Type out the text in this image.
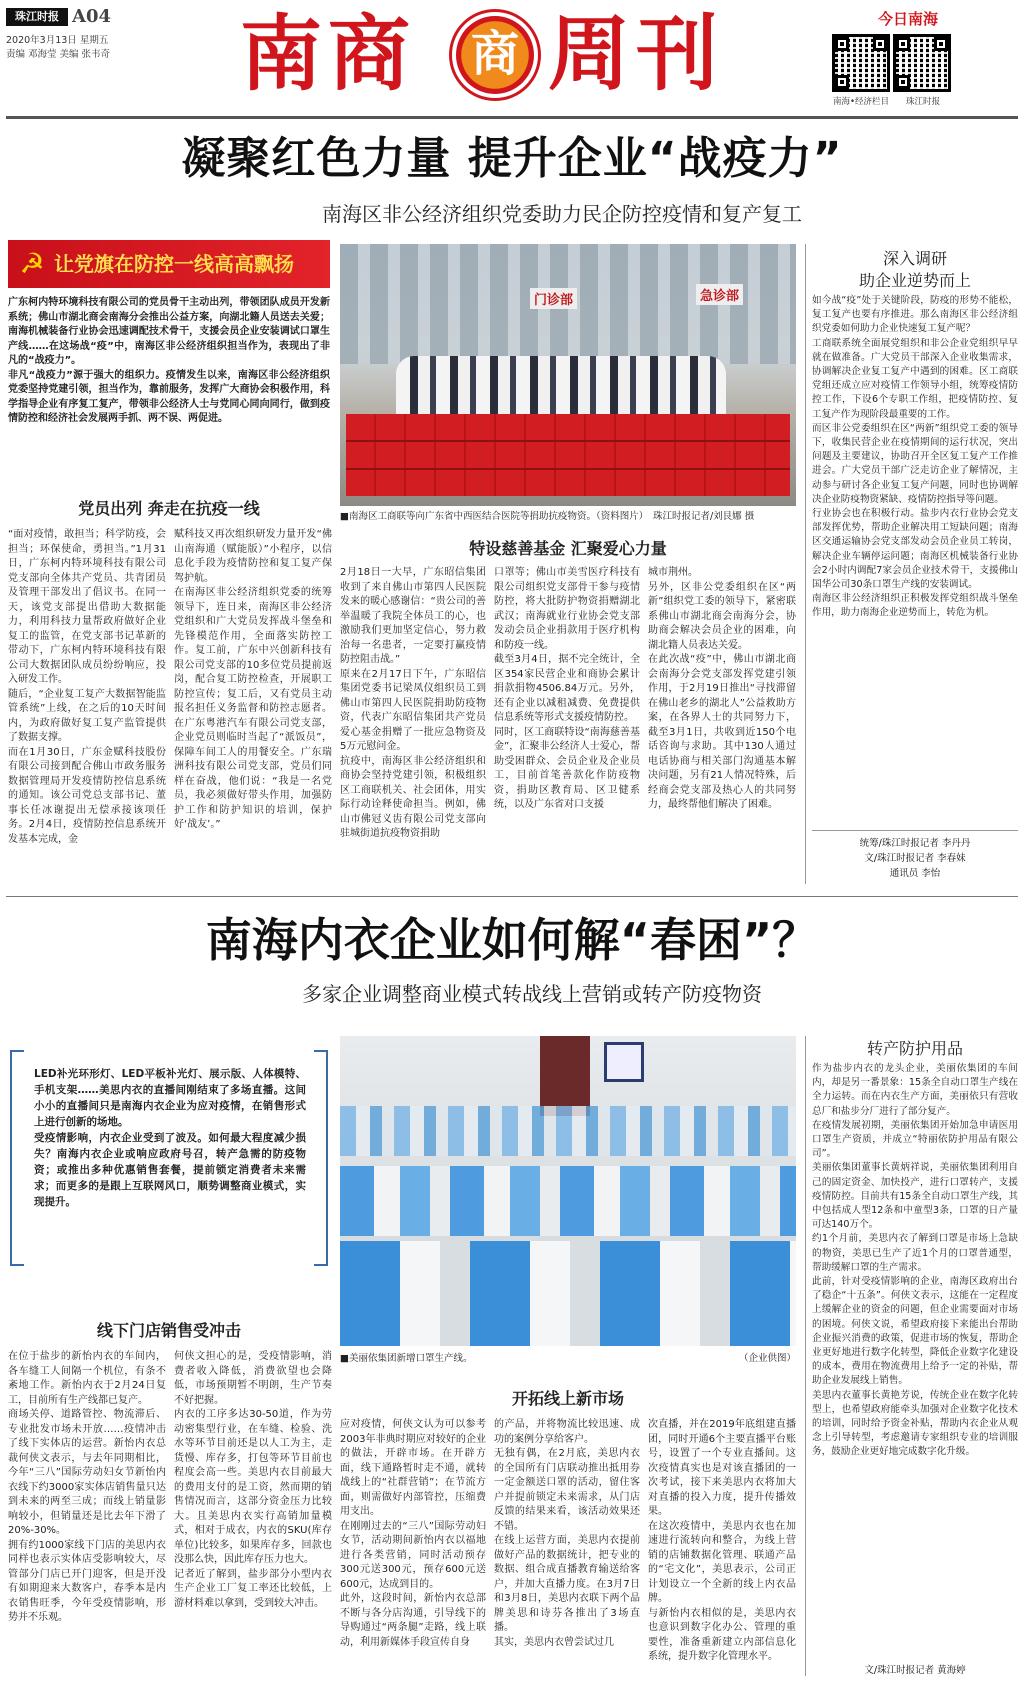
珠江时报 A04
2020年3月13日 星期五
责编 邓海莹 美编 张韦奇 南商	商 周刊	今日南海
南海•经济栏目	珠江时报
凝聚红色力量 提升企业“战疫力”
南海区非公经济组织党委助力民企防控疫情和复产复工
☭ 让党旗在防控一线高高飘扬
广东柯内特环境科技有限公司的党员骨干主动出列，带领团队成员开发新系统；佛山市湖北商会南海分会推出公益方案，向湖北籍人员送去关爱；南海机械装备行业协会迅速调配技术骨干，支援会员企业安装调试口罩生产线……在这场战“疫”中，南海区非公经济组织担当作为，表现出了非凡的“战疫力”。
非凡“战疫力”源于强大的组织力。疫情发生以来，南海区非公经济组织党委坚持党建引领，担当作为，靠前服务，发挥广大商协会积极作用，科学指导企业有序复工复产，带领非公经济人士与党同心同向同行，做到疫情防控和经济社会发展两手抓、两不误、两促进。
党员出列 奔走在抗疫一线
“面对疫情，敢担当；科学防疫，会担当；环保使命，勇担当。”1月31日，广东柯内特环境科技有限公司党支部向全体共产党员、共青团员及管理干部发出了倡议书。在同一天，该党支部提出借助大数据能力，利用科技力量帮政府做好企业复工的监管，在党支部书记革新的带动下，广东柯内特环境科技有限公司大数据团队成员纷纷响应，投入研发工作。
随后，“企业复工复产大数据智能监管系统”上线，在之后的10天时间内，为政府做好复工复产监管提供了数据支撑。
而在1月30日，广东金赋科技股份有限公司接到配合佛山市政务服务数据管理局开发疫情防控信息系统的通知。该公司党总支部书记、董事长任冰谢提出无偿承接该项任务。2月4日，疫情防控信息系统开发基本完成，金
赋科技又再次组织研发力量开发“佛山南海通（赋能版）”小程序，以信息化手段为疫情防控和复工复产保驾护航。
在南海区非公经济组织党委的统筹领导下，连日来，南海区非公经济党组织和广大党员发挥战斗堡垒和先锋模范作用，全面落实防控工作。复工前，广东中兴创新科技有限公司党支部的10多位党员提前返岗，配合复工防控检查，开展职工防控宣传；复工后，又有党员主动报名担任义务监督和防控志愿者。在广东粤港汽车有限公司党支部，企业党员则临时当起了“派饭员”，保障车间工人的用餐安全。广东瑞洲科技有限公司党支部，党员们同样在奋战，他们说：“我是一名党员，我必须做好带头作用，加强防护工作和防护知识的培训，保护好‘战友’。”
门诊部	急诊部
■南海区工商联等向广东省中西医结合医院等捐助抗疫物资。（资料图片）　珠江时报记者/刘艮娜 摄
特设慈善基金 汇聚爱心力量
2月18日一大早，广东昭信集团收到了来自佛山市第四人民医院发来的暖心感谢信：“贵公司的善举温暖了我院全体员工的心，也激励我们更加坚定信心，努力救治每一名患者，一定要打赢疫情防控阻击战。”
原来在2月17日下午，广东昭信集团党委书记梁凤仪组织员工到佛山市第四人民医院捐助防疫物资，代表广东昭信集团共产党员爱心基金捐赠了一批应急物资及5万元慰问金。
抗疫中，南海区非公经济组织和商协会坚持党建引领，积极组织区工商联机关、社会团体，用实际行动诠释使命担当。例如，佛山市佛冠义齿有限公司党支部向驻城街道抗疫物资捐助
口罩等；佛山市美雪医疗科技有限公司组织党支部骨干参与疫情防控，将大批防护物资捐赠湖北武汉；南海就业行业协会党支部发动会员企业捐款用于医疗机构和防疫一线。
截至3月4日，据不完全统计，全区354家民营企业和商协会累计捐款捐物4506.84万元。另外，还有企业以减租减费、免费提供信息系统等形式支援疫情防控。
同时，区工商联特设“南海慈善基金”，汇聚非公经济人士爱心，帮助受困群众、会员企业及企业员工，目前首笔善款化作防疫物资，捐助区教育局、区卫健系统，以及广东省对口支援
城市荆州。
另外，区非公党委组织在区“两新”组织党工委的领导下，紧密联系佛山市湖北商会南海分会，协助商会解决会员企业的困难，向湖北籍人员表达关爱。
在此次战“疫”中，佛山市湖北商会南海分会党支部发挥党建引领作用，于2月19日推出“寻找滞留在佛山老乡的湖北人”公益救助方案，在各界人士的共同努力下，截至3月1日，共收到近150个电话咨询与求助。其中130人通过电话协商与相关部门沟通基本解决问题，另有21人情况特殊，后经商会党支部及热心人的共同努力，最终帮他们解决了困难。
深入调研
助企业逆势而上
如今战“疫”处于关键阶段，防疫的形势不能松，复工复产也要有序推进。那么南海区非公经济组织党委如何助力企业快速复工复产呢？
工商联系统全面展党组织和非公企业党组织早早就在做准备。广大党员干部深入企业收集需求，协调解决企业复工复产中遇到的困难。区工商联党组还成立应对疫情工作领导小组，统筹疫情防控工作，下设6个专职工作组，把疫情防控、复工复产作为现阶段最重要的工作。
而区非公党委组织在区“两新”组织党工委的领导下，收集民营企业在疫情期间的运行状况，突出问题及主要建议，协助召开全区复工复产工作推进会。广大党员干部广泛走访企业了解情况，主动参与研讨各企业复工复产问题，同时也协调解决企业防疫物资紧缺、疫情防控指导等问题。
行业协会也在积极行动。盐步内衣行业协会党支部发挥优势，帮助企业解决用工短缺问题；南海区交通运输协会党支部发动会员企业员工转岗，解决企业车辆停运问题；南海区机械装备行业协会2小时内调配7家会员企业技术骨干，支援佛山国华公司30条口罩生产线的安装调试。
南海区非公经济组织正积极发挥党组织战斗堡垒作用，助力南海企业逆势而上，转危为机。
统筹/珠江时报记者 李丹丹
文/珠江时报记者 李春妹
通讯员 李怡
南海内衣企业如何解“春困”？
多家企业调整商业模式转战线上营销或转产防疫物资
LED补光环形灯、LED平板补光灯、展示版、人体模特、手机支架……美思内衣的直播间刚结束了多场直播。这间小小的直播间只是南海内衣企业为应对疫情，在销售形式上进行创新的场地。
受疫情影响，内衣企业受到了波及。如何最大程度减少损失？南海内衣企业或响应政府号召，转产急需的防疫物资；或推出多种优惠销售套餐，提前锁定消费者未来需求；而更多的是跟上互联网风口，顺势调整商业模式，实现提升。
线下门店销售受冲击
在位于盐步的新怡内衣的车间内，各车缝工人间隔一个机位，有条不紊地工作。新怡内衣于2月24日复工，目前所有生产线都已复产。
商场关停、道路管控、物流滞后、专业批发市场未开放……疫情冲击了线下实体店的运营。新怡内衣总裁何侠文表示，与去年同期相比，今年“三八”国际劳动妇女节新怡内衣线下约3000家实体店销售量只达到未来的两至三成；而线上销量影响较小，但销量还是比去年下滑了20%-30%。
拥有约1000家线下门店的美思内衣同样也表示实体店受影响较大，尽管部分门店已开门迎客，但是开没有如期迎来大数客户，春季本是内衣销售旺季，今年受疫情影响，形势并不乐观。
何侠文担心的是，受疫情影响，消费者收入降低，消费欲望也会降低，市场预期暂不明朗，生产节奏不好把握。
内衣的工序多达30-50道，作为劳动密集型行业，在车缝、检验、洗水等环节目前还是以人工为主，走货慢、库存多，打包等环节目前也程度会高一些。美思内衣目前最大的费用支付的是工资，然而期的销售情况而言，这部分资金压力比较大。且美思内衣实行高销加量模式，相对于成衣，内衣的SKU(库存单位)比较多，如果库存多，回款也没那么快，因此库存压力也大。
记者近了解到，盐步部分小型内衣生产企业工厂复工率还比较低，上游材料难以拿到，受到较大冲击。
■美丽依集团新增口罩生产线。	（企业供图）
开拓线上新市场
应对疫情，何侠文认为可以参考2003年非典时期应对较好的企业的做法，开辟市场。在开辟方面，线下通路暂时走不通，就转战线上的“社群营销”；在节流方面，则需做好内部管控，压缩费用支出。
在刚刚过去的“三八”国际劳动妇女节，活动期间新怡内衣以福地进行各类营销，同时活动预存300元送300元，预存600元送600元，达成到目的。
此外，这段时间，新怡内衣总部不断与各分店沟通，引导线下的导购通过“两条腿”走路，线上联动，利用新媒体手段宣传自身
的产品，并将物流比较迅速、成功的案例分享给客户。
无独有偶，在2月底，美思内衣的全国所有门店联动推出抵用券一定金额送口罩的活动，留住客户并提前锁定未来需求，从门店反馈的结果来看，该活动效果还不错。
在线上运营方面，美思内衣提前做好产品的数据统计，把专业的数据、组合成直播教育输送给客户，并加大直播力度。在3月7日和3月8日，美思内衣联下两个品牌美思和诗芬各推出了3场直播。
其实，美思内衣曾尝试过几
次直播，并在2019年底组建直播团，同时开通6个主要直播平台账号，设置了一个专业直播间。这次疫情真实也是对该直播团的一次考试，接下来美思内衣将加大对直播的投入力度，提升传播效果。
在这次疫情中，美思内衣也在加速进行流转向和整合，为线上营销的店铺数据化管理、联通产品的“宅文化”，美思表示，公司正计划设立一个全新的线上内衣品牌。
与新怡内衣相似的是，美思内衣也意识到数字化办公、管理的重要性，准备重新建立内部信息化系统，提升数字化管理水平。
转产防护用品
作为盐步内衣的龙头企业，美丽依集团的车间内，却是另一番景象：15条全自动口罩生产线在全力运转。而在内衣生产方面，美丽依只有营收总厂和盐步分厂进行了部分复产。
在疫情发展初期，美丽依集团开始加急申请医用口罩生产资质，并成立“特丽依防护用品有限公司”。
美丽依集团董事长黄炳祥说，美丽依集团利用自己的固定资金、加快投产，进行口罩转产，支援疫情防控。目前共有15条全自动口罩生产线，其中包括成人型12条和中童型3条，口罩的日产量可达140万个。
约1个月前，美思内衣了解到口罩是市场上急缺的物资，美思已生产了近1个月的口罩普通型，帮助缓解口罩的生产需求。
此前，针对受疫情影响的企业，南海区政府出台了稳企“十五条”。何侠文表示，这能在一定程度上缓解企业的资金的问题，但企业需要面对市场的困境。何侠文说，希望政府接下来能出台帮助企业振兴消费的政策，促进市场的恢复，帮助企业更好地进行数字化转型，降低企业数字化建设的成本，费用在物流费用上给予一定的补贴，帮助企业发展线上销售。
美思内衣董事长黄艳芳说，传统企业在数字化转型上，也希望政府能牵头加强对企业数字化技术的培训，同时给予资金补贴，帮助内衣企业从观念上引导转型，考虑邀请专家组织专业的培训服务，鼓励企业更好地完成数字化升级。
文/珠江时报记者 黄海婷
